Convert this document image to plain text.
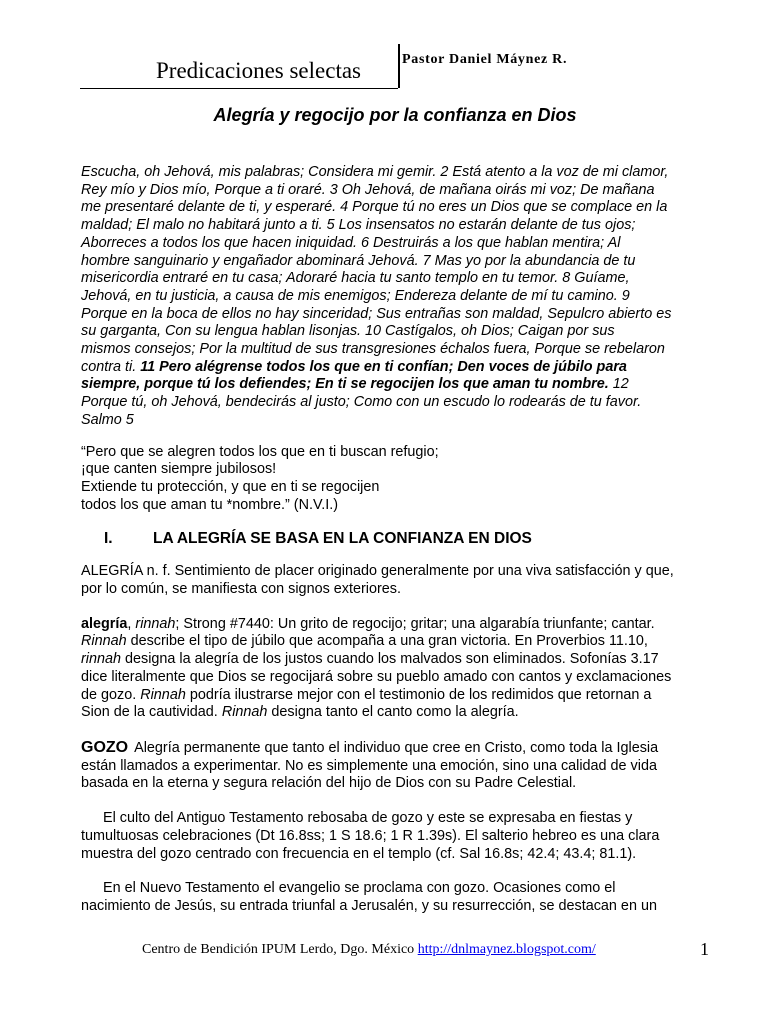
Predicaciones selectas	Pastor Daniel Máynez R.
Alegría y regocijo por la confianza en Dios
Escucha, oh Jehová, mis palabras; Considera mi gemir. 2 Está atento a la voz de mi clamor,
Rey mío y Dios mío, Porque a ti oraré. 3 Oh Jehová, de mañana oirás mi voz; De mañana
me presentaré delante de ti, y esperaré. 4 Porque tú no eres un Dios que se complace en la
maldad; El malo no habitará junto a ti. 5 Los insensatos no estarán delante de tus ojos;
Aborreces a todos los que hacen iniquidad. 6 Destruirás a los que hablan mentira; Al
hombre sanguinario y engañador abominará Jehová. 7 Mas yo por la abundancia de tu
misericordia entraré en tu casa; Adoraré hacia tu santo templo en tu temor. 8 Guíame,
Jehová, en tu justicia, a causa de mis enemigos; Endereza delante de mí tu camino. 9
Porque en la boca de ellos no hay sinceridad; Sus entrañas son maldad, Sepulcro abierto es
su garganta, Con su lengua hablan lisonjas. 10 Castígalos, oh Dios; Caigan por sus
mismos consejos; Por la multitud de sus transgresiones échalos fuera, Porque se rebelaron
contra ti. 11 Pero alégrense todos los que en ti confían; Den voces de júbilo para
siempre, porque tú los defiendes; En ti se regocijen los que aman tu nombre. 12
Porque tú, oh Jehová, bendecirás al justo; Como con un escudo lo rodearás de tu favor.
Salmo 5
“Pero que se alegren todos los que en ti buscan refugio;
¡que canten siempre jubilosos!
Extiende tu protección, y que en ti se regocijen
todos los que aman tu *nombre.” (N.V.I.)
I.	LA ALEGRÍA SE BASA EN LA CONFIANZA EN DIOS
ALEGRÍA n. f. Sentimiento de placer originado generalmente por una viva satisfacción y que,
por lo común, se manifiesta con signos exteriores.
alegría, rinnah; Strong #7440: Un grito de regocijo; gritar; una algarabía triunfante; cantar.
Rinnah describe el tipo de júbilo que acompaña a una gran victoria. En Proverbios 11.10,
rinnah designa la alegría de los justos cuando los malvados son eliminados. Sofonías 3.17
dice literalmente que Dios se regocijará sobre su pueblo amado con cantos y exclamaciones
de gozo. Rinnah podría ilustrarse mejor con el testimonio de los redimidos que retornan a
Sion de la cautividad. Rinnah designa tanto el canto como la alegría.
GOZO Alegría permanente que tanto el individuo que cree en Cristo, como toda la Iglesia
están llamados a experimentar. No es simplemente una emoción, sino una calidad de vida
basada en la eterna y segura relación del hijo de Dios con su Padre Celestial.
El culto del Antiguo Testamento rebosaba de gozo y este se expresaba en fiestas y
tumultuosas celebraciones (Dt 16.8ss; 1 S 18.6; 1 R 1.39s). El salterio hebreo es una clara
muestra del gozo centrado con frecuencia en el templo (cf. Sal 16.8s; 42.4; 43.4; 81.1).
En el Nuevo Testamento el evangelio se proclama con gozo. Ocasiones como el
nacimiento de Jesús, su entrada triunfal a Jerusalén, y su resurrección, se destacan en un
Centro de Bendición IPUM Lerdo, Dgo. México http://dnlmaynez.blogspot.com/	1
